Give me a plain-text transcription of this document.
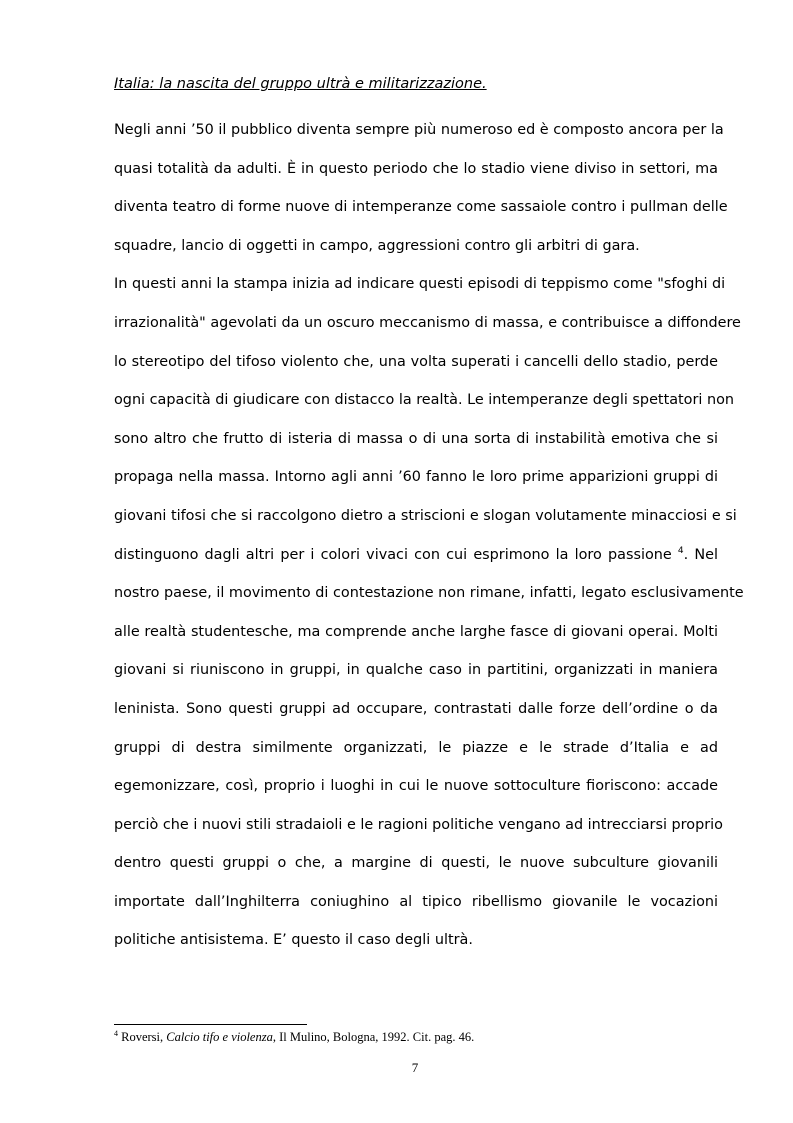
Italia: la nascita del gruppo ultrà e militarizzazione.
Negli anni ’50 il pubblico diventa sempre più numeroso ed è composto ancora per la
quasi totalità da adulti. È in questo periodo che lo stadio viene diviso in settori, ma
diventa teatro di forme nuove di intemperanze come sassaiole contro i pullman delle
squadre, lancio di oggetti in campo, aggressioni contro gli arbitri di gara.
In questi anni la stampa inizia ad indicare questi episodi di teppismo come "sfoghi di
irrazionalità" agevolati da un oscuro meccanismo di massa, e contribuisce a diffondere
lo stereotipo del tifoso violento che, una volta superati i cancelli dello stadio, perde
ogni capacità di giudicare con distacco la realtà. Le intemperanze degli spettatori non
sono altro che frutto di isteria di massa o di una sorta di instabilità emotiva che si
propaga nella massa. Intorno agli anni ’60 fanno le loro prime apparizioni gruppi di
giovani tifosi che si raccolgono dietro a striscioni e slogan volutamente minacciosi e si
distinguono dagli altri per i colori vivaci con cui esprimono la loro passione $^4$. Nel
nostro paese, il movimento di contestazione non rimane, infatti, legato esclusivamente
alle realtà studentesche, ma comprende anche larghe fasce di giovani operai. Molti
giovani si riuniscono in gruppi, in qualche caso in partitini, organizzati in maniera
leninista. Sono questi gruppi ad occupare, contrastati dalle forze dell’ordine o da
gruppi di destra similmente organizzati, le piazze e le strade d’Italia e ad
egemonizzare, così, proprio i luoghi in cui le nuove sottoculture fioriscono: accade
perciò che i nuovi stili stradaioli e le ragioni politiche vengano ad intrecciarsi proprio
dentro questi gruppi o che, a margine di questi, le nuove subculture giovanili
importate dall’Inghilterra coniughino al tipico ribellismo giovanile le vocazioni
politiche antisistema. E’ questo il caso degli ultrà.
$^4$ Roversi, Calcio tifo e violenza, Il Mulino, Bologna, 1992. Cit. pag. 46.
7
